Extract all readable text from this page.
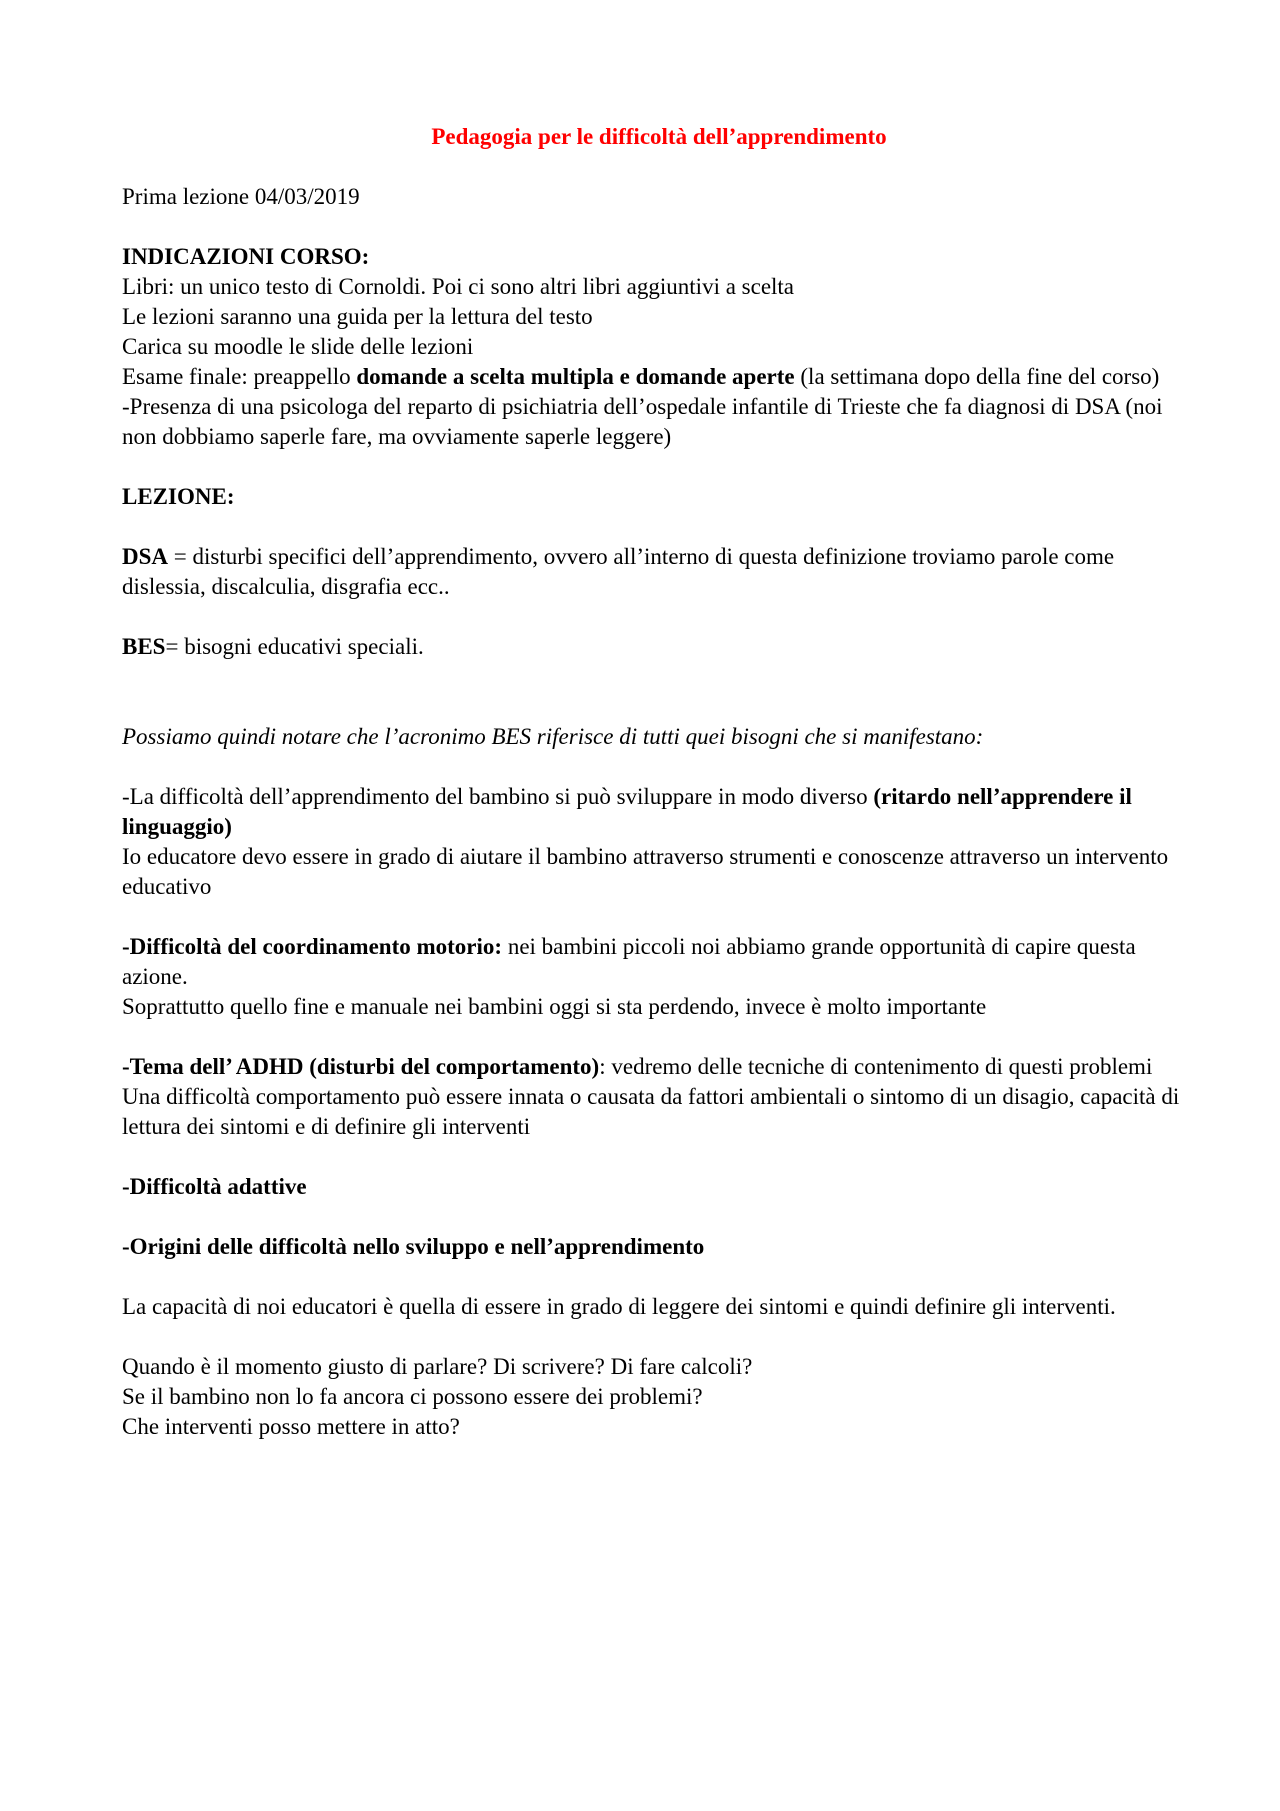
Pedagogia per le difficoltà dell’apprendimento

Prima lezione 04/03/2019

INDICAZIONI CORSO:

Libri: un unico testo di Cornoldi. Poi ci sono altri libri aggiuntivi a scelta

Le lezioni saranno una guida per la lettura del testo

Carica su moodle le slide delle lezioni

Esame finale: preappello domande a scelta multipla e domande aperte (la settimana dopo della fine del corso)

-Presenza di una psicologa del reparto di psichiatria dell’ospedale infantile di Trieste che fa diagnosi di DSA (noi non dobbiamo saperle fare, ma ovviamente saperle leggere)

LEZIONE:

DSA = disturbi specifici dell’apprendimento, ovvero all’interno di questa definizione troviamo parole come dislessia, discalculia, disgrafia ecc..

BES= bisogni educativi speciali.

Possiamo quindi notare che l’acronimo BES riferisce di tutti quei bisogni che si manifestano:

-La difficoltà dell’apprendimento del bambino si può sviluppare in modo diverso (ritardo nell’apprendere il linguaggio)

Io educatore devo essere in grado di aiutare il bambino attraverso strumenti e conoscenze attraverso un intervento educativo

-Difficoltà del coordinamento motorio: nei bambini piccoli noi abbiamo grande opportunità di capire questa azione.

Soprattutto quello fine e manuale nei bambini oggi si sta perdendo, invece è molto importante

-Tema dell’ ADHD (disturbi del comportamento): vedremo delle tecniche di contenimento di questi problemi

Una difficoltà comportamento può essere innata o causata da fattori ambientali o sintomo di un disagio, capacità di lettura dei sintomi e di definire gli interventi

-Difficoltà adattive

-Origini delle difficoltà nello sviluppo e nell’apprendimento

La capacità di noi educatori è quella di essere in grado di leggere dei sintomi e quindi definire gli interventi.

Quando è il momento giusto di parlare? Di scrivere? Di fare calcoli?

Se il bambino non lo fa ancora ci possono essere dei problemi?

Che interventi posso mettere in atto?
